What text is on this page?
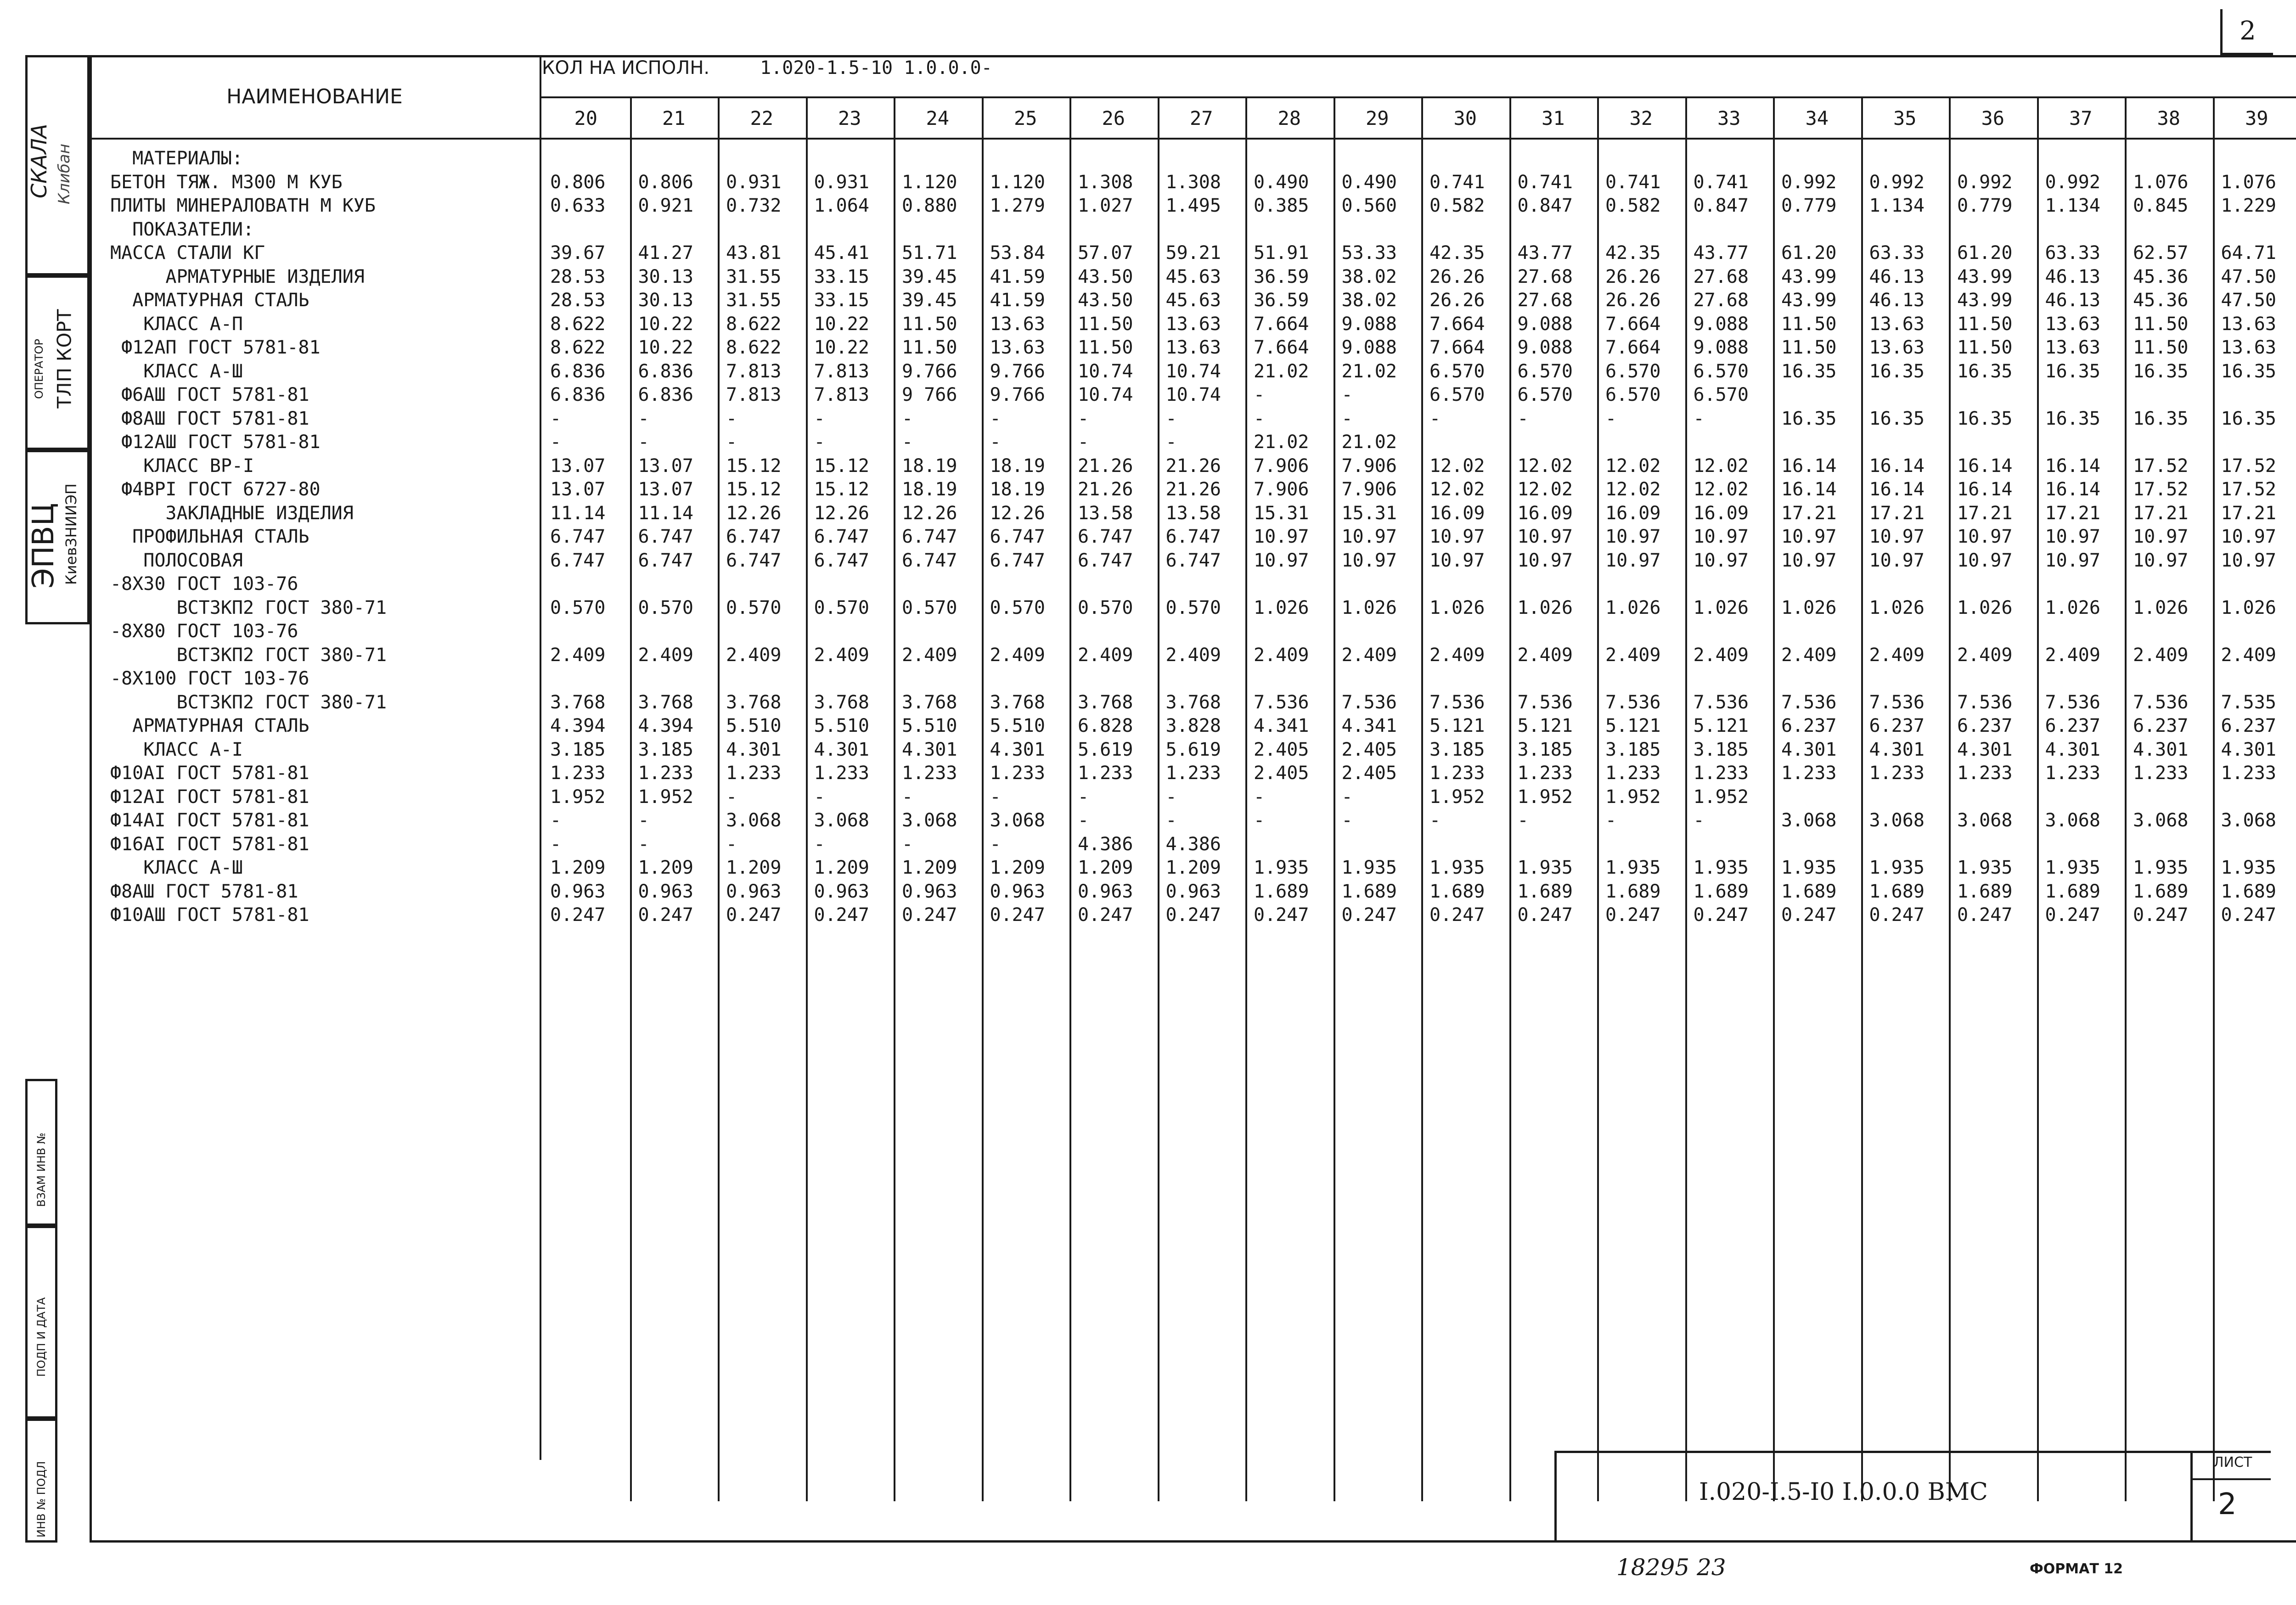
2
СКАЛА Клибан
ОПЕРАТОР ТЛП КОРТ
ЭПВЦ КиевЗНИИЭП
ВЗАМ ИНВ №
ПОДП И ДАТА
ИНВ № ПОДЛ
НАИМЕНОВАНИЕ
КОЛ НА ИСПОЛН.	1.020-1.5-10 1.0.0.0-
20	21	22	23	24	25	26	27	28	29	30	31	32	33	34	35	36	37	38	39
МАТЕРИАЛЫ:
БЕТОН ТЯЖ. М300 М КУБ	0.806 0.806 0.931 0.931 1.120 1.120 1.308 1.308 0.490 0.490 0.741 0.741 0.741 0.741 0.992 0.992 0.992 0.992 1.076 1.076
ПЛИТЫ МИНЕРАЛОВАТН М КУБ	0.633 0.921 0.732 1.064 0.880 1.279 1.027 1.495 0.385 0.560 0.582 0.847 0.582 0.847 0.779 1.134 0.779 1.134 0.845 1.229
ПОКАЗАТЕЛИ:
МАССА СТАЛИ КГ	39.67 41.27 43.81 45.41 51.71 53.84 57.07 59.21 51.91 53.33 42.35 43.77 42.35 43.77 61.20 63.33 61.20 63.33 62.57 64.71
АРМАТУРНЫЕ ИЗДЕЛИЯ	28.53 30.13 31.55 33.15 39.45 41.59 43.50 45.63 36.59 38.02 26.26 27.68 26.26 27.68 43.99 46.13 43.99 46.13 45.36 47.50
АРМАТУРНАЯ СТАЛЬ	28.53 30.13 31.55 33.15 39.45 41.59 43.50 45.63 36.59 38.02 26.26 27.68 26.26 27.68 43.99 46.13 43.99 46.13 45.36 47.50
КЛАСС А-П	8.622 10.22 8.622 10.22 11.50 13.63 11.50 13.63 7.664 9.088 7.664 9.088 7.664 9.088 11.50 13.63 11.50 13.63 11.50 13.63
Ф12АП ГОСТ 5781-81	8.622 10.22 8.622 10.22 11.50 13.63 11.50 13.63 7.664 9.088 7.664 9.088 7.664 9.088 11.50 13.63 11.50 13.63 11.50 13.63
КЛАСС А-Ш	6.836 6.836 7.813 7.813 9.766 9.766 10.74 10.74 21.02 21.02 6.570 6.570 6.570 6.570 16.35 16.35 16.35 16.35 16.35 16.35
Ф6АШ ГОСТ 5781-81	6.836 6.836 7.813 7.813 9 766 9.766 10.74 10.74 -	-	6.570 6.570 6.570 6.570
Ф8АШ ГОСТ 5781-81	-	-	-	-	-	-	-	-	-	-	-	-	-	-	16.35 16.35 16.35 16.35 16.35 16.35
Ф12АШ ГОСТ 5781-81	-	-	-	-	-	-	-	-	21.02 21.02
КЛАСС ВР-I	13.07 13.07 15.12 15.12 18.19 18.19 21.26 21.26 7.906 7.906 12.02 12.02 12.02 12.02 16.14 16.14 16.14 16.14 17.52 17.52
Ф4ВРI ГОСТ 6727-80	13.07 13.07 15.12 15.12 18.19 18.19 21.26 21.26 7.906 7.906 12.02 12.02 12.02 12.02 16.14 16.14 16.14 16.14 17.52 17.52
ЗАКЛАДНЫЕ ИЗДЕЛИЯ	11.14 11.14 12.26 12.26 12.26 12.26 13.58 13.58 15.31 15.31 16.09 16.09 16.09 16.09 17.21 17.21 17.21 17.21 17.21 17.21
ПРОФИЛЬНАЯ СТАЛЬ	6.747 6.747 6.747 6.747 6.747 6.747 6.747 6.747 10.97 10.97 10.97 10.97 10.97 10.97 10.97 10.97 10.97 10.97 10.97 10.97
ПОЛОСОВАЯ	6.747 6.747 6.747 6.747 6.747 6.747 6.747 6.747 10.97 10.97 10.97 10.97 10.97 10.97 10.97 10.97 10.97 10.97 10.97 10.97
-8X30 ГОСТ 103-76
ВСТ3КП2 ГОСТ 380-71	0.570 0.570 0.570 0.570 0.570 0.570 0.570 0.570 1.026 1.026 1.026 1.026 1.026 1.026 1.026 1.026 1.026 1.026 1.026 1.026
-8X80 ГОСТ 103-76
ВСТ3КП2 ГОСТ 380-71	2.409 2.409 2.409 2.409 2.409 2.409 2.409 2.409 2.409 2.409 2.409 2.409 2.409 2.409 2.409 2.409 2.409 2.409 2.409 2.409
-8X100 ГОСТ 103-76
ВСТ3КП2 ГОСТ 380-71	3.768 3.768 3.768 3.768 3.768 3.768 3.768 3.768 7.536 7.536 7.536 7.536 7.536 7.536 7.536 7.536 7.536 7.536 7.536 7.535
АРМАТУРНАЯ СТАЛЬ	4.394 4.394 5.510 5.510 5.510 5.510 6.828 3.828 4.341 4.341 5.121 5.121 5.121 5.121 6.237 6.237 6.237 6.237 6.237 6.237
КЛАСС А-I	3.185 3.185 4.301 4.301 4.301 4.301 5.619 5.619 2.405 2.405 3.185 3.185 3.185 3.185 4.301 4.301 4.301 4.301 4.301 4.301
Ф10АI ГОСТ 5781-81	1.233 1.233 1.233 1.233 1.233 1.233 1.233 1.233 2.405 2.405 1.233 1.233 1.233 1.233 1.233 1.233 1.233 1.233 1.233 1.233
Ф12АI ГОСТ 5781-81	1.952 1.952 -	-	-	-	-	-	-	-	1.952 1.952 1.952 1.952
Ф14АI ГОСТ 5781-81	-	-	3.068 3.068 3.068 3.068 -	-	-	-	-	-	-	-	3.068 3.068 3.068 3.068 3.068 3.068
Ф16АI ГОСТ 5781-81	-	-	-	-	-	-	4.386 4.386
КЛАСС А-Ш	1.209 1.209 1.209 1.209 1.209 1.209 1.209 1.209 1.935 1.935 1.935 1.935 1.935 1.935 1.935 1.935 1.935 1.935 1.935 1.935
Ф8АШ ГОСТ 5781-81	0.963 0.963 0.963 0.963 0.963 0.963 0.963 0.963 1.689 1.689 1.689 1.689 1.689 1.689 1.689 1.689 1.689 1.689 1.689 1.689
Ф10АШ ГОСТ 5781-81	0.247 0.247 0.247 0.247 0.247 0.247 0.247 0.247 0.247 0.247 0.247 0.247 0.247 0.247 0.247 0.247 0.247 0.247 0.247 0.247
I.020-I.5-I0 I.0.0.0 ВМС
ЛИСТ
2
ФОРМАТ 12
18295 23
